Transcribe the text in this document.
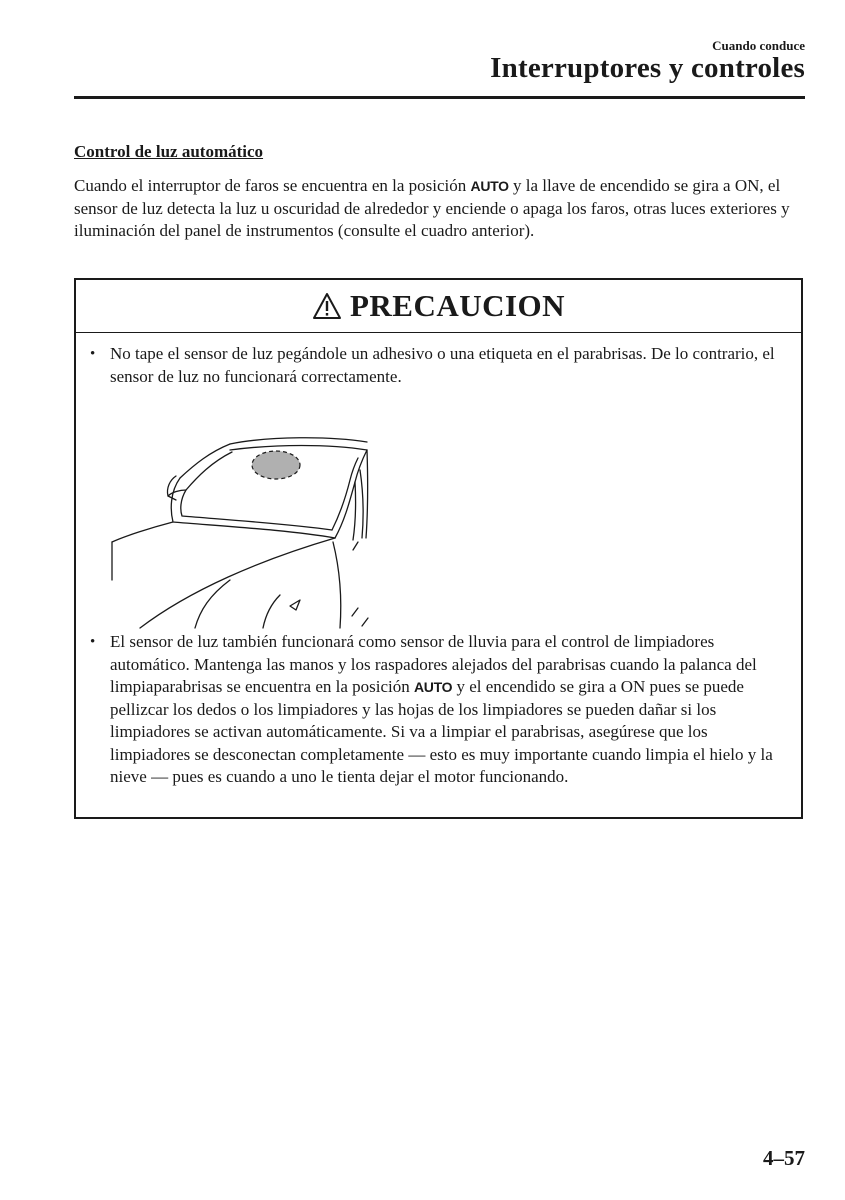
Cuando conduce
Interruptores y controles
Control de luz automático

Cuando el interruptor de faros se encuentra en la posición AUTO y la llave de encendido se gira a ON, el sensor de luz detecta la luz u oscuridad de alrededor y enciende o apaga los faros, otras luces exteriores y iluminación del panel de instrumentos (consulte el cuadro anterior).

PRECAUCION
• No tape el sensor de luz pegándole un adhesivo o una etiqueta en el parabrisas. De lo contrario, el sensor de luz no funcionará correctamente.
• El sensor de luz también funcionará como sensor de lluvia para el control de limpiadores automático. Mantenga las manos y los raspadores alejados del parabrisas cuando la palanca del limpiaparabrisas se encuentra en la posición AUTO y el encendido se gira a ON pues se puede pellizcar los dedos o los limpiadores y las hojas de los limpiadores se pueden dañar si los limpiadores se activan automáticamente. Si va a limpiar el parabrisas, asegúrese que los limpiadores se desconectan completamente — esto es muy importante cuando limpia el hielo y la nieve — pues es cuando a uno le tienta dejar el motor funcionando.
4–57
